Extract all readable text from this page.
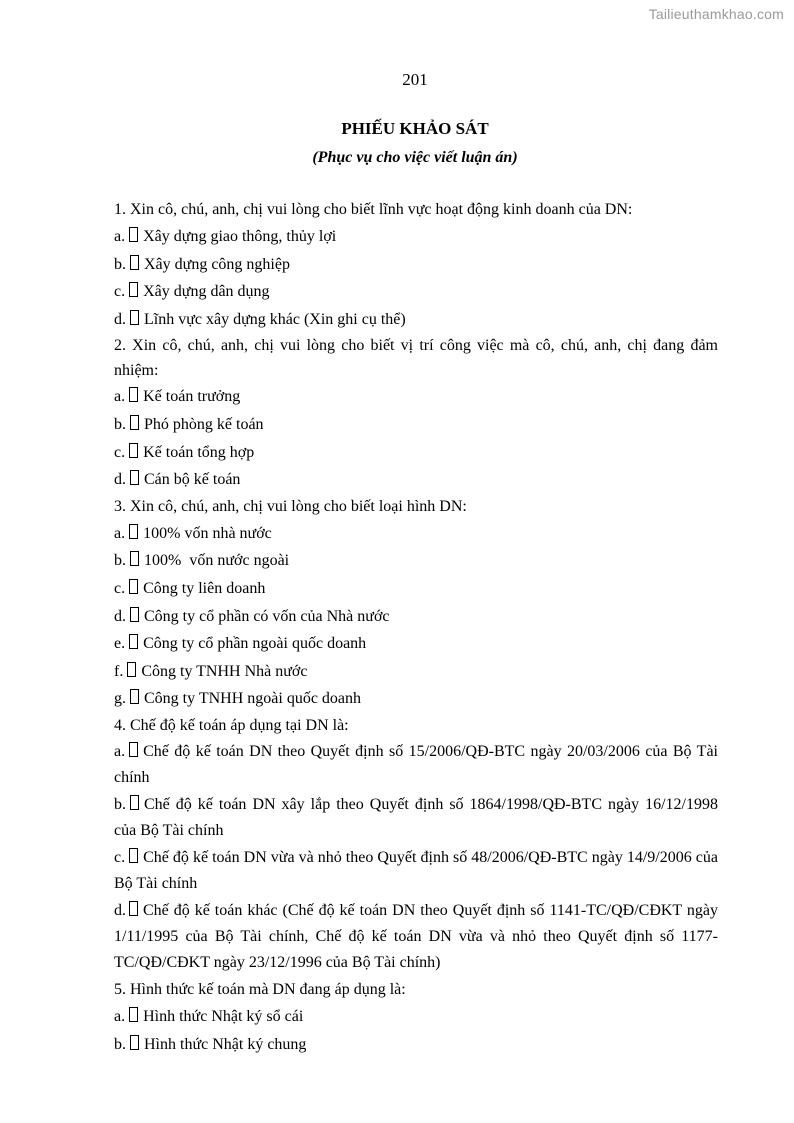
Tailieuthamkhao.com
201
PHIẾU KHẢO SÁT
(Phục vụ cho việc viết luận án)

1. Xin cô, chú, anh, chị vui lòng cho biết lĩnh vực hoạt động kinh doanh của DN:

a. Xây dựng giao thông, thủy lợi

b. Xây dựng công nghiệp

c. Xây dựng dân dụng

d. Lĩnh vực xây dựng khác (Xin ghi cụ thể)

2. Xin cô, chú, anh, chị vui lòng cho biết vị trí công việc mà cô, chú, anh, chị đang đảm nhiệm:

a. Kế toán trưởng

b. Phó phòng kế toán

c. Kế toán tổng hợp

d. Cán bộ kế toán

3. Xin cô, chú, anh, chị vui lòng cho biết loại hình DN:

a. 100% vốn nhà nước

b. 100%  vốn nước ngoài

c. Công ty liên doanh

d. Công ty cổ phần có vốn của Nhà nước

e. Công ty cổ phần ngoài quốc doanh

f. Công ty TNHH Nhà nước

g. Công ty TNHH ngoài quốc doanh

4. Chế độ kế toán áp dụng tại DN là:

a. Chế độ kế toán DN theo Quyết định số 15/2006/QĐ-BTC ngày 20/03/2006 của Bộ Tài chính

b. Chế độ kế toán DN xây lắp theo Quyết định số 1864/1998/QĐ-BTC ngày 16/12/1998 của Bộ Tài chính

c. Chế độ kế toán DN vừa và nhỏ theo Quyết định số 48/2006/QĐ-BTC ngày 14/9/2006 của Bộ Tài chính

d. Chế độ kế toán khác (Chế độ kế toán DN theo Quyết định số 1141-TC/QĐ/CĐKT ngày 1/11/1995 của Bộ Tài chính, Chế độ kế toán DN vừa và nhỏ theo Quyết định số 1177-TC/QĐ/CĐKT ngày 23/12/1996 của Bộ Tài chính)

5. Hình thức kế toán mà DN đang áp dụng là:

a. Hình thức Nhật ký sổ cái

b. Hình thức Nhật ký chung
